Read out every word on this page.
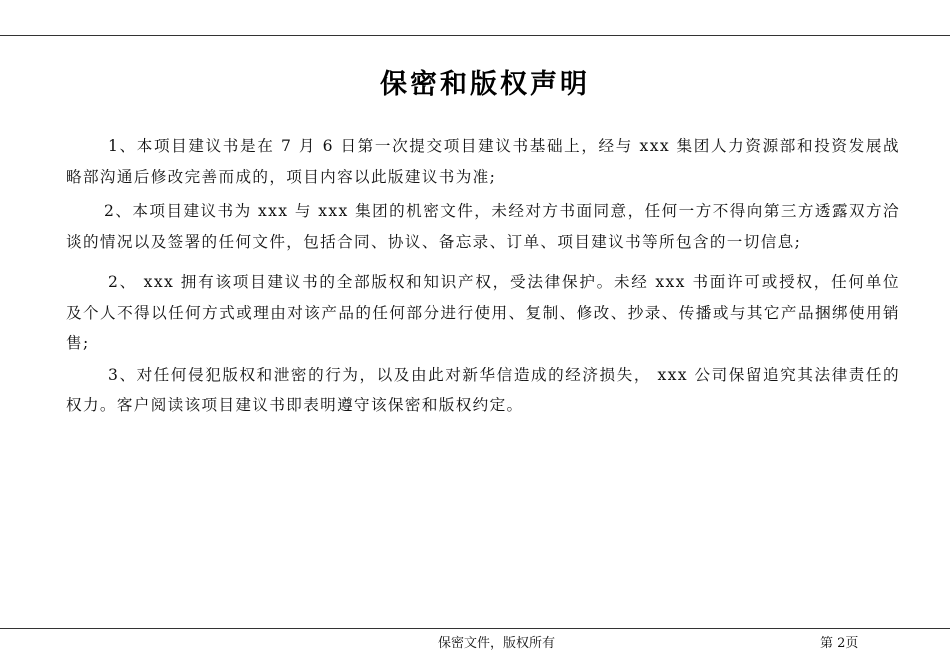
保密和版权声明

1、本项目建议书是在 7 月 6 日第一次提交项目建议书基础上，经与 xxx 集团人力资源部和投资发展战略部沟通后修改完善而成的，项目内容以此版建议书为准;

2、本项目建议书为 xxx 与 xxx 集团的机密文件，未经对方书面同意，任何一方不得向第三方透露双方洽谈的情况以及签署的任何文件，包括合同、协议、备忘录、订单、项目建议书等所包含的一切信息;

2、 xxx 拥有该项目建议书的全部版权和知识产权，受法律保护。未经 xxx 书面许可或授权，任何单位及个人不得以任何方式或理由对该产品的任何部分进行使用、复制、修改、抄录、传播或与其它产品捆绑使用销售;

3、对任何侵犯版权和泄密的行为，以及由此对新华信造成的经济损失， xxx 公司保留追究其法律责任的权力。客户阅读该项目建议书即表明遵守该保密和版权约定。

保密文件，版权所有	第 2页
